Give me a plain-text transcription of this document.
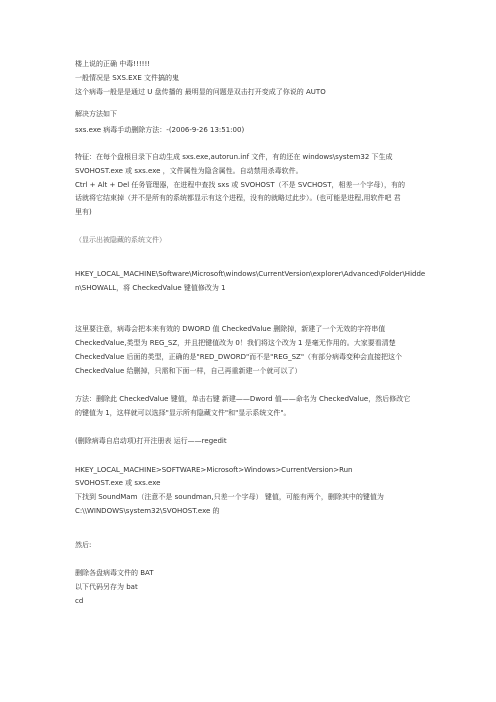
楼上说的正确 中毒!!!!!!
一般情况是 SXS.EXE 文件搞的鬼
这个病毒一般是是通过 U 盘传播的 最明显的问题是双击打开变成了你说的 AUTO
解决方法如下
sxs.exe 病毒手动删除方法：-(2006-9-26 13:51:00)
特征：在每个盘根目录下自动生成 sxs.exe,autorun.inf 文件，有的还在 windows\system32 下生成
SVOHOST.exe 或 sxs.exe ，文件属性为隐含属性。自动禁用杀毒软件。
Ctrl + Alt + Del 任务管理器，在进程中查找 sxs 或 SVOHOST（不是 SVCHOST，相差一个字母），有的
话就将它结束掉（并不是所有的系统都显示有这个进程，没有的就略过此步）。(也可能是进程,用软件吧 君
里有)
（显示出被隐藏的系统文件）
HKEY_LOCAL_MACHINE\Software\Microsoft\windows\CurrentVersion\explorer\Advanced\Folder\Hidde
n\SHOWALL，将 CheckedValue 键值修改为 1
这里要注意，病毒会把本来有效的 DWORD 值 CheckedValue 删除掉，新建了一个无效的字符串值
CheckedValue,类型为 REG_SZ，并且把键值改为 0！我们将这个改为 1 是毫无作用的。大家要看清楚
CheckedValue 后面的类型，正确的是"RED_DWORD"而不是"REG_SZ"（有部分病毒变种会直接把这个
CheckedValue 给删掉，只需和下面一样，自己再重新建一个就可以了）
方法：删除此 CheckedValue 键值，单击右键 新建——Dword 值——命名为 CheckedValue，然后修改它
的键值为 1，这样就可以选择"显示所有隐藏文件"和"显示系统文件"。
(删除病毒自启动项)打开注册表 运行——regedit
HKEY_LOCAL_MACHINE>SOFTWARE>Microsoft>Windows>CurrentVersion>Run
SVOHOST.exe 或 sxs.exe
下找到 SoundMam（注意不是 soundman,只差一个字母） 键值，可能有两个，删除其中的键值为
C:\\WINDOWS\system32\SVOHOST.exe 的
然后:
删除各盘病毒文件的 BAT
以下代码另存为 bat
cd
